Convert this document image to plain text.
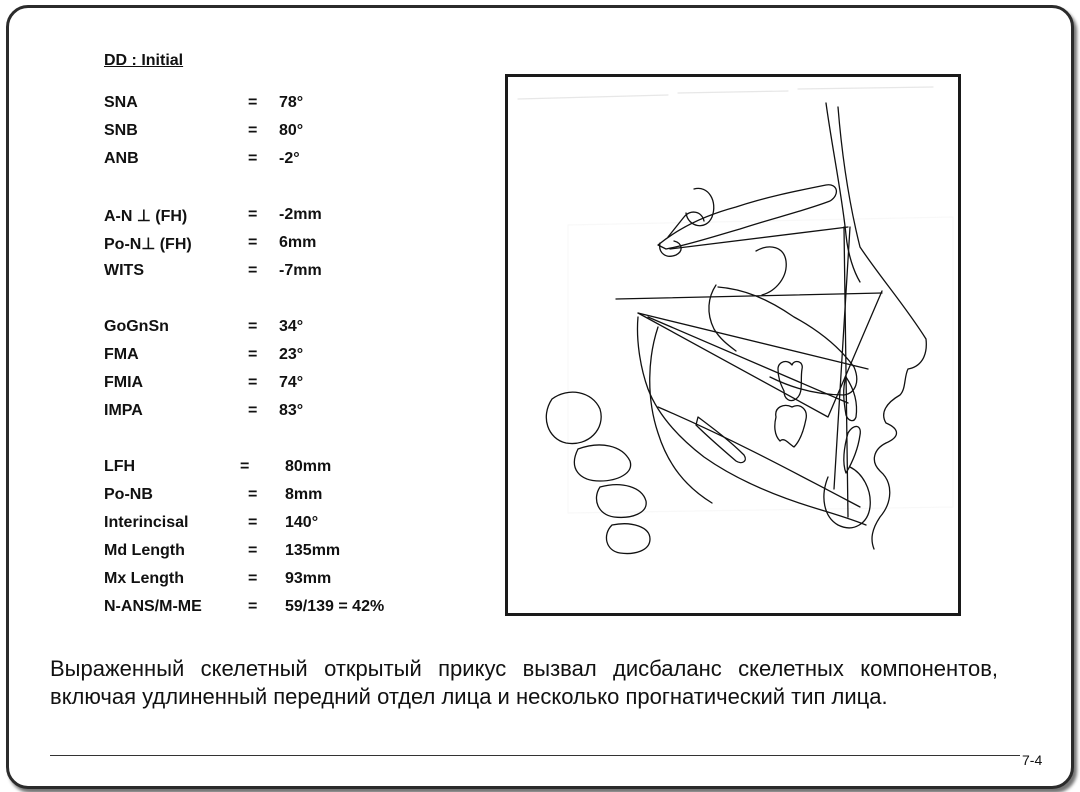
DD : Initial
SNA	= 78°
SNB	= 80°
ANB	= -2°
A-N ⊥ (FH)	= -2mm
Po-N⊥ (FH)	= 6mm
WITS	= -7mm
GoGnSn	= 34°
FMA	= 23°
FMIA	= 74°
IMPA	= 83°
LFH	= 80mm
Po-NB	= 8mm
Interincisal	= 140°
Md Length	= 135mm
Mx Length	= 93mm
N-ANS/M-ME	= 59/139 = 42%
Выраженный скелетный открытый прикус вызвал дисбаланс скелетных компонентов, включая удлиненный передний отдел лица и несколько прогнатический тип лица.
7-4
